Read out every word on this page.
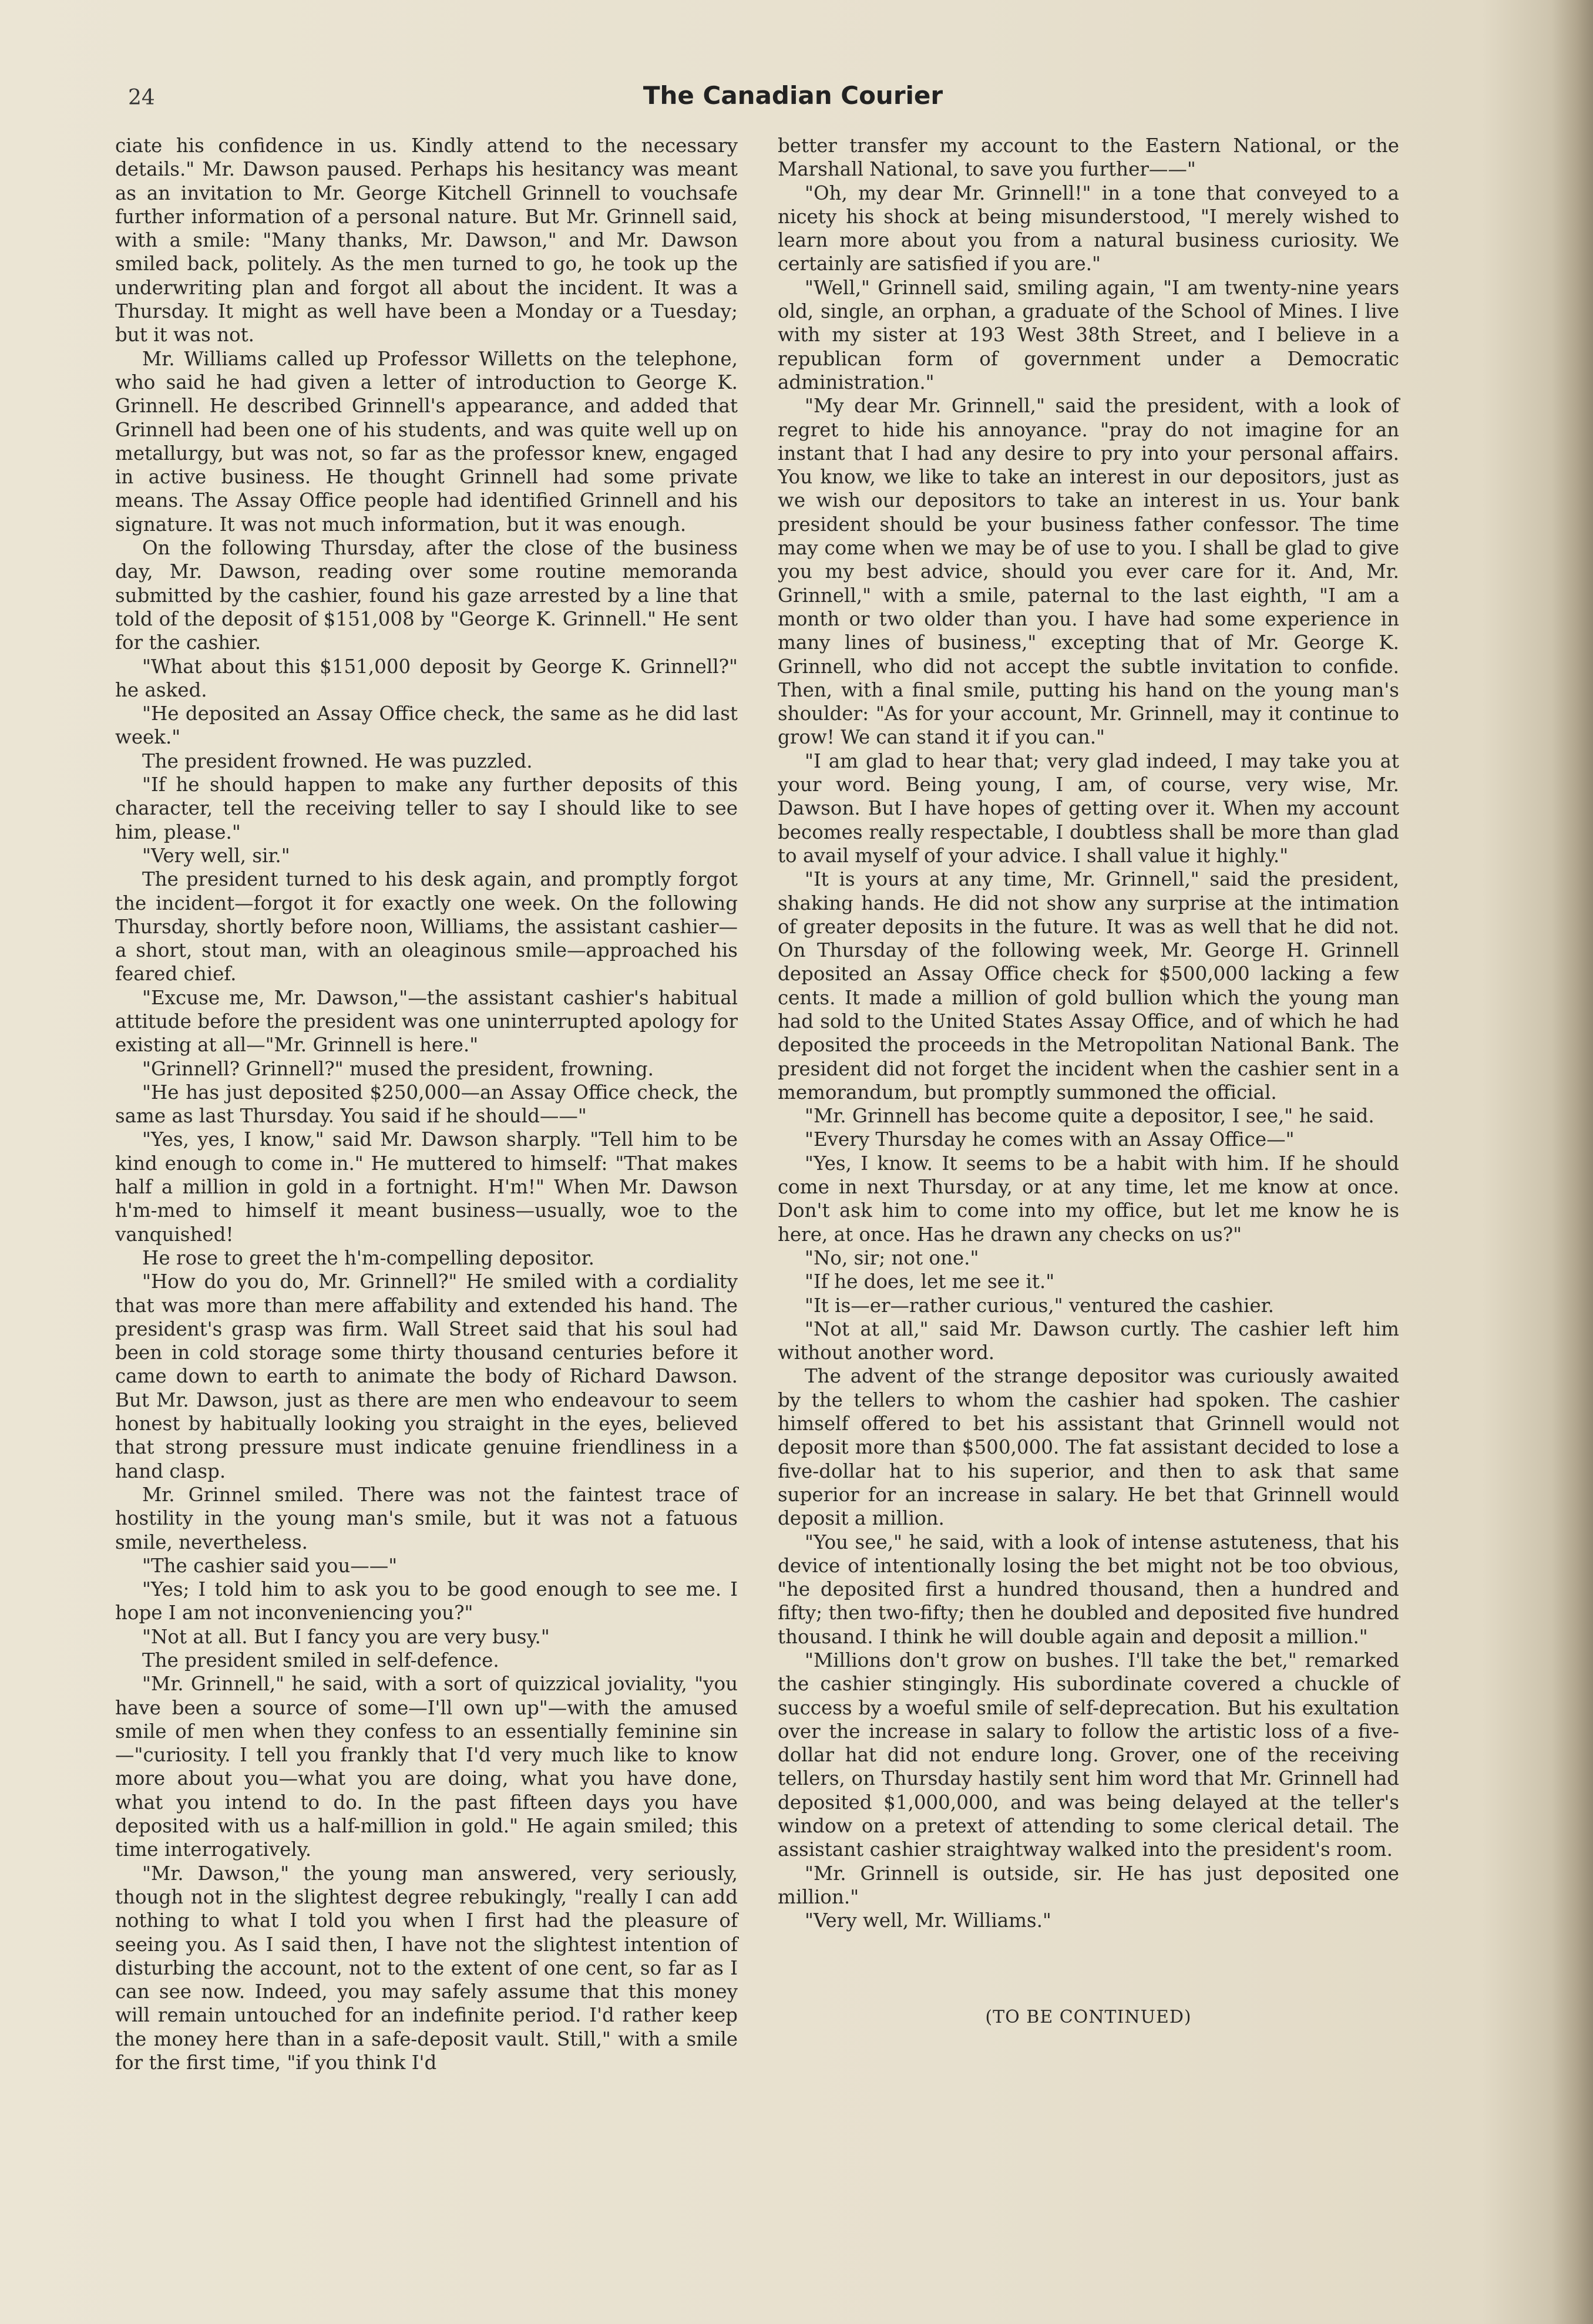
24	The Canadian Courier

ciate his confidence in us. Kindly attend to the necessary details." Mr. Dawson paused. Perhaps his hesitancy was meant as an invitation to Mr. George Kitchell Grinnell to vouchsafe further information of a personal nature. But Mr. Grinnell said, with a smile: "Many thanks, Mr. Dawson," and Mr. Dawson smiled back, politely. As the men turned to go, he took up the underwriting plan and forgot all about the incident. It was a Thursday. It might as well have been a Monday or a Tuesday; but it was not.

Mr. Williams called up Professor Willetts on the telephone, who said he had given a letter of introduction to George K. Grinnell. He described Grinnell's appearance, and added that Grinnell had been one of his students, and was quite well up on metallurgy, but was not, so far as the professor knew, engaged in active business. He thought Grinnell had some private means. The Assay Office people had identified Grinnell and his signature. It was not much information, but it was enough.

On the following Thursday, after the close of the business day, Mr. Dawson, reading over some routine memoranda submitted by the cashier, found his gaze arrested by a line that told of the deposit of $151,008 by "George K. Grinnell." He sent for the cashier.

"What about this $151,000 deposit by George K. Grinnell?" he asked.

"He deposited an Assay Office check, the same as he did last week."

The president frowned. He was puzzled.

"If he should happen to make any further deposits of this character, tell the receiving teller to say I should like to see him, please."

"Very well, sir."

The president turned to his desk again, and promptly forgot the incident—forgot it for exactly one week. On the following Thursday, shortly before noon, Williams, the assistant cashier—a short, stout man, with an oleaginous smile—approached his feared chief.

"Excuse me, Mr. Dawson,"—the assistant cashier's habitual attitude before the president was one uninterrupted apology for existing at all—"Mr. Grinnell is here."

"Grinnell? Grinnell?" mused the president, frowning.

"He has just deposited $250,000—an Assay Office check, the same as last Thursday. You said if he should——"

"Yes, yes, I know," said Mr. Dawson sharply. "Tell him to be kind enough to come in." He muttered to himself: "That makes half a million in gold in a fortnight. H'm!" When Mr. Dawson h'm-med to himself it meant business—usually, woe to the vanquished!

He rose to greet the h'm-compelling depositor.

"How do you do, Mr. Grinnell?" He smiled with a cordiality that was more than mere affability and extended his hand. The president's grasp was firm. Wall Street said that his soul had been in cold storage some thirty thousand centuries before it came down to earth to animate the body of Richard Dawson. But Mr. Dawson, just as there are men who endeavour to seem honest by habitually looking you straight in the eyes, believed that strong pressure must indicate genuine friendliness in a hand clasp.

Mr. Grinnel smiled. There was not the faintest trace of hostility in the young man's smile, but it was not a fatuous smile, nevertheless.

"The cashier said you——"

"Yes; I told him to ask you to be good enough to see me. I hope I am not inconveniencing you?"

"Not at all. But I fancy you are very busy."

The president smiled in self-defence.

"Mr. Grinnell," he said, with a sort of quizzical joviality, "you have been a source of some—I'll own up"—with the amused smile of men when they confess to an essentially feminine sin—"curiosity. I tell you frankly that I'd very much like to know more about you—what you are doing, what you have done, what you intend to do. In the past fifteen days you have deposited with us a half-million in gold." He again smiled; this time interrogatively.

"Mr. Dawson," the young man answered, very seriously, though not in the slightest degree rebukingly, "really I can add nothing to what I told you when I first had the pleasure of seeing you. As I said then, I have not the slightest intention of disturbing the account, not to the extent of one cent, so far as I can see now. Indeed, you may safely assume that this money will remain untouched for an indefinite period. I'd rather keep the money here than in a safe-deposit vault. Still," with a smile for the first time, "if you think I'd

better transfer my account to the Eastern National, or the Marshall National, to save you further——"

"Oh, my dear Mr. Grinnell!" in a tone that conveyed to a nicety his shock at being misunderstood, "I merely wished to learn more about you from a natural business curiosity. We certainly are satisfied if you are."

"Well," Grinnell said, smiling again, "I am twenty-nine years old, single, an orphan, a graduate of the School of Mines. I live with my sister at 193 West 38th Street, and I believe in a republican form of government under a Democratic administration."

"My dear Mr. Grinnell," said the president, with a look of regret to hide his annoyance. "pray do not imagine for an instant that I had any desire to pry into your personal affairs. You know, we like to take an interest in our depositors, just as we wish our depositors to take an interest in us. Your bank president should be your business father confessor. The time may come when we may be of use to you. I shall be glad to give you my best advice, should you ever care for it. And, Mr. Grinnell," with a smile, paternal to the last eighth, "I am a month or two older than you. I have had some experience in many lines of business," excepting that of Mr. George K. Grinnell, who did not accept the subtle invitation to confide. Then, with a final smile, putting his hand on the young man's shoulder: "As for your account, Mr. Grinnell, may it continue to grow! We can stand it if you can."

"I am glad to hear that; very glad indeed, I may take you at your word. Being young, I am, of course, very wise, Mr. Dawson. But I have hopes of getting over it. When my account becomes really respectable, I doubtless shall be more than glad to avail myself of your advice. I shall value it highly."

"It is yours at any time, Mr. Grinnell," said the president, shaking hands. He did not show any surprise at the intimation of greater deposits in the future. It was as well that he did not. On Thursday of the following week, Mr. George H. Grinnell deposited an Assay Office check for $500,000 lacking a few cents. It made a million of gold bullion which the young man had sold to the United States Assay Office, and of which he had deposited the proceeds in the Metropolitan National Bank. The president did not forget the incident when the cashier sent in a memorandum, but promptly summoned the official.

"Mr. Grinnell has become quite a depositor, I see," he said.

"Every Thursday he comes with an Assay Office—"

"Yes, I know. It seems to be a habit with him. If he should come in next Thursday, or at any time, let me know at once. Don't ask him to come into my office, but let me know he is here, at once. Has he drawn any checks on us?"

"No, sir; not one."

"If he does, let me see it."

"It is—er—rather curious," ventured the cashier.

"Not at all," said Mr. Dawson curtly. The cashier left him without another word.

The advent of the strange depositor was curiously awaited by the tellers to whom the cashier had spoken. The cashier himself offered to bet his assistant that Grinnell would not deposit more than $500,000. The fat assistant decided to lose a five-dollar hat to his superior, and then to ask that same superior for an increase in salary. He bet that Grinnell would deposit a million.

"You see," he said, with a look of intense astuteness, that his device of intentionally losing the bet might not be too obvious, "he deposited first a hundred thousand, then a hundred and fifty; then two-fifty; then he doubled and deposited five hundred thousand. I think he will double again and deposit a million."

"Millions don't grow on bushes. I'll take the bet," remarked the cashier stingingly. His subordinate covered a chuckle of success by a woeful smile of self-deprecation. But his exultation over the increase in salary to follow the artistic loss of a five-dollar hat did not endure long. Grover, one of the receiving tellers, on Thursday hastily sent him word that Mr. Grinnell had deposited $1,000,000, and was being delayed at the teller's window on a pretext of attending to some clerical detail. The assistant cashier straightway walked into the president's room.

"Mr. Grinnell is outside, sir. He has just deposited one million."

"Very well, Mr. Williams."

(TO BE CONTINUED)
